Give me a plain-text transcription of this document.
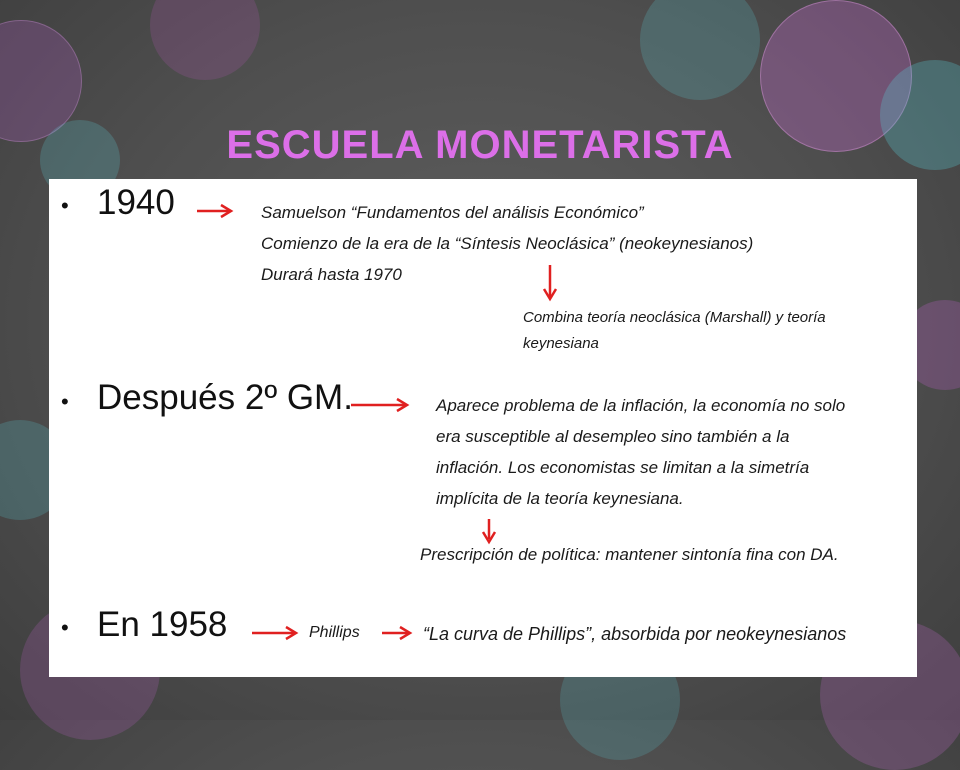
ESCUELA MONETARISTA
• 1940	Samuelson “Fundamentos del análisis Económico”
Comienzo de la era de la “Síntesis Neoclásica” (neokeynesianos)
Durará hasta 1970
Combina teoría neoclásica (Marshall) y teoría
keynesiana
• Después 2º GM.	Aparece problema de la inflación, la economía no solo
era susceptible al desempleo sino también a la
inflación. Los economistas se limitan a la simetría
implícita de la teoría keynesiana.
Prescripción de política: mantener sintonía fina con DA.
• En 1958	Phillips	“La curva de Phillips”, absorbida por neokeynesianos
